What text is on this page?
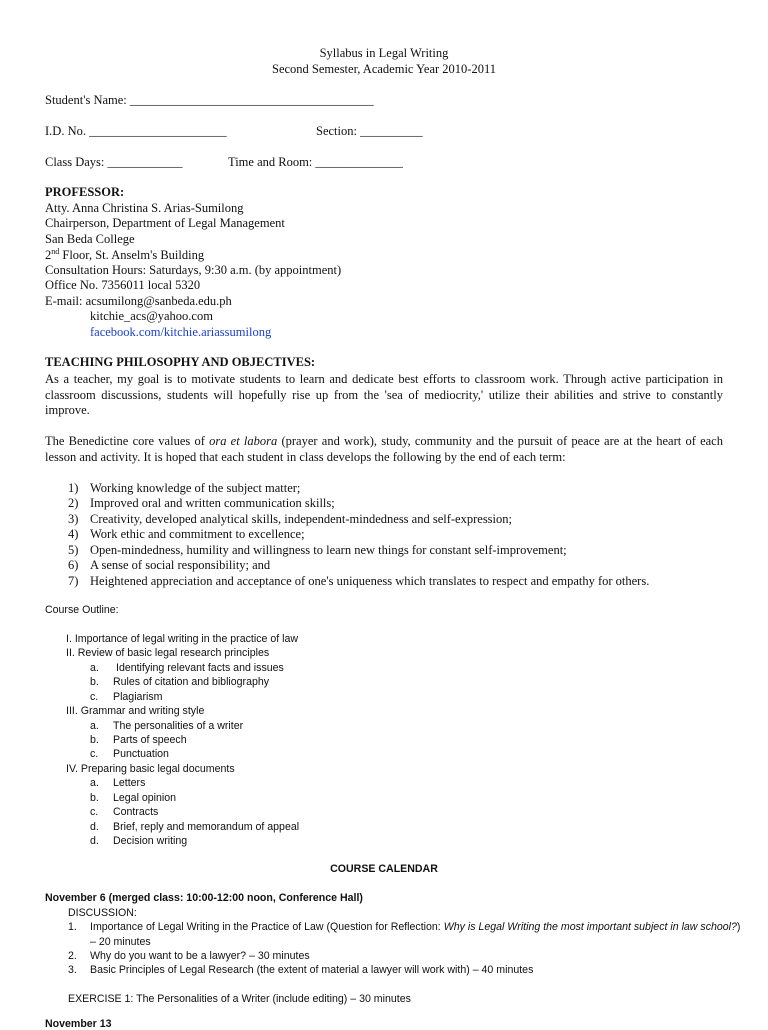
Syllabus in Legal Writing
Second Semester, Academic Year 2010-2011
Student's Name: _______________________________________
I.D. No. ______________________	Section: __________
Class Days: ____________	Time and Room: ______________
PROFESSOR:
Atty. Anna Christina S. Arias-Sumilong
Chairperson, Department of Legal Management
San Beda College
2nd Floor, St. Anselm's Building
Consultation Hours: Saturdays, 9:30 a.m. (by appointment)
Office No. 7356011 local 5320
E-mail: acsumilong@sanbeda.edu.ph
kitchie_acs@yahoo.com
facebook.com/kitchie.ariassumilong
TEACHING PHILOSOPHY AND OBJECTIVES:
As a teacher, my goal is to motivate students to learn and dedicate best efforts to classroom work. Through active participation in classroom discussions, students will hopefully rise up from the 'sea of mediocrity,' utilize their abilities and strive to constantly improve.
The Benedictine core values of ora et labora (prayer and work), study, community and the pursuit of peace are at the heart of each lesson and activity. It is hoped that each student in class develops the following by the end of each term:
1) Working knowledge of the subject matter;
2) Improved oral and written communication skills;
3) Creativity, developed analytical skills, independent-mindedness and self-expression;
4) Work ethic and commitment to excellence;
5) Open-mindedness, humility and willingness to learn new things for constant self-improvement;
6) A sense of social responsibility; and
7) Heightened appreciation and acceptance of one's uniqueness which translates to respect and empathy for others.
Course Outline:
I. Importance of legal writing in the practice of law
II. Review of basic legal research principles
a. Identifying relevant facts and issues
b. Rules of citation and bibliography
c. Plagiarism
III. Grammar and writing style
a. The personalities of a writer
b. Parts of speech
c. Punctuation
IV. Preparing basic legal documents
a. Letters
b. Legal opinion
c. Contracts
d. Brief, reply and memorandum of appeal
d. Decision writing
COURSE CALENDAR
November 6 (merged class: 10:00-12:00 noon, Conference Hall)
DISCUSSION:
1. Importance of Legal Writing in the Practice of Law (Question for Reflection: Why is Legal Writing the most important subject in law school?)
– 20 minutes
2. Why do you want to be a lawyer? – 30 minutes
3. Basic Principles of Legal Research (the extent of material a lawyer will work with) – 40 minutes
EXERCISE 1: The Personalities of a Writer (include editing) – 30 minutes
November 13
